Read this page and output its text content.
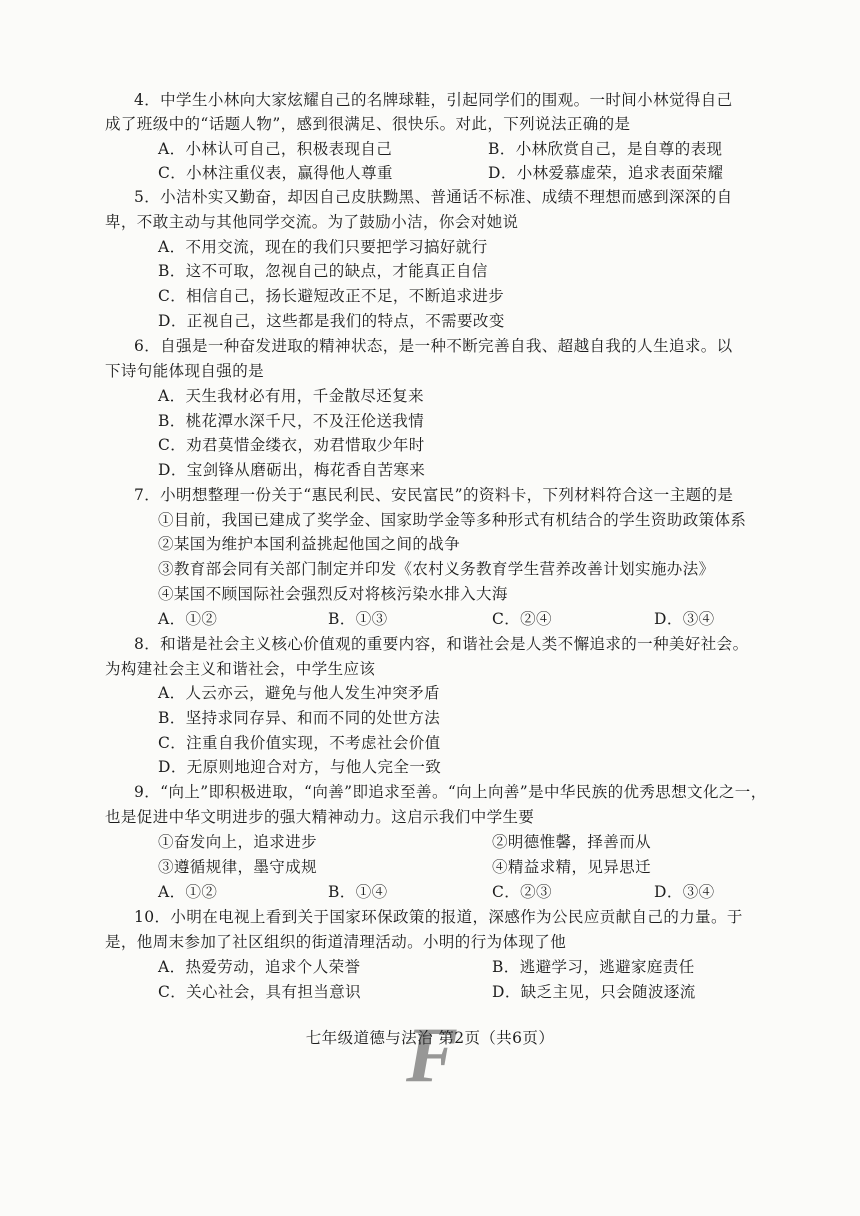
4．中学生小林向大家炫耀自己的名牌球鞋，引起同学们的围观。一时间小林觉得自己
成了班级中的“话题人物”，感到很满足、很快乐。对此，下列说法正确的是
A．小林认可自己，积极表现自己	B．小林欣赏自己，是自尊的表现
C．小林注重仪表，赢得他人尊重	D．小林爱慕虚荣，追求表面荣耀
5．小洁朴实又勤奋，却因自己皮肤黝黑、普通话不标准、成绩不理想而感到深深的自
卑，不敢主动与其他同学交流。为了鼓励小洁，你会对她说
A．不用交流，现在的我们只要把学习搞好就行
B．这不可取，忽视自己的缺点，才能真正自信
C．相信自己，扬长避短改正不足，不断追求进步
D．正视自己，这些都是我们的特点，不需要改变
6．自强是一种奋发进取的精神状态，是一种不断完善自我、超越自我的人生追求。以
下诗句能体现自强的是
A．天生我材必有用，千金散尽还复来
B．桃花潭水深千尺，不及汪伦送我情
C．劝君莫惜金缕衣，劝君惜取少年时
D．宝剑锋从磨砺出，梅花香自苦寒来
7．小明想整理一份关于“惠民利民、安民富民”的资料卡，下列材料符合这一主题的是
①目前，我国已建成了奖学金、国家助学金等多种形式有机结合的学生资助政策体系
②某国为维护本国利益挑起他国之间的战争
③教育部会同有关部门制定并印发《农村义务教育学生营养改善计划实施办法》
④某国不顾国际社会强烈反对将核污染水排入大海
A．①②	B．①③	C．②④	D．③④
8．和谐是社会主义核心价值观的重要内容，和谐社会是人类不懈追求的一种美好社会。
为构建社会主义和谐社会，中学生应该
A．人云亦云，避免与他人发生冲突矛盾
B．坚持求同存异、和而不同的处世方法
C．注重自我价值实现，不考虑社会价值
D．无原则地迎合对方，与他人完全一致
9．“向上”即积极进取，“向善”即追求至善。“向上向善”是中华民族的优秀思想文化之一，
也是促进中华文明进步的强大精神动力。这启示我们中学生要
①奋发向上，追求进步	②明德惟馨，择善而从
③遵循规律，墨守成规	④精益求精，见异思迁
A．①②	B．①④	C．②③	D．③④
10．小明在电视上看到关于国家环保政策的报道，深感作为公民应贡献自己的力量。于
是，他周末参加了社区组织的街道清理活动。小明的行为体现了他
A．热爱劳动，追求个人荣誉	B．逃避学习，逃避家庭责任
C．关心社会，具有担当意识	D．缺乏主见，只会随波逐流
F
七年级道德与法治 第2页（共6页）
